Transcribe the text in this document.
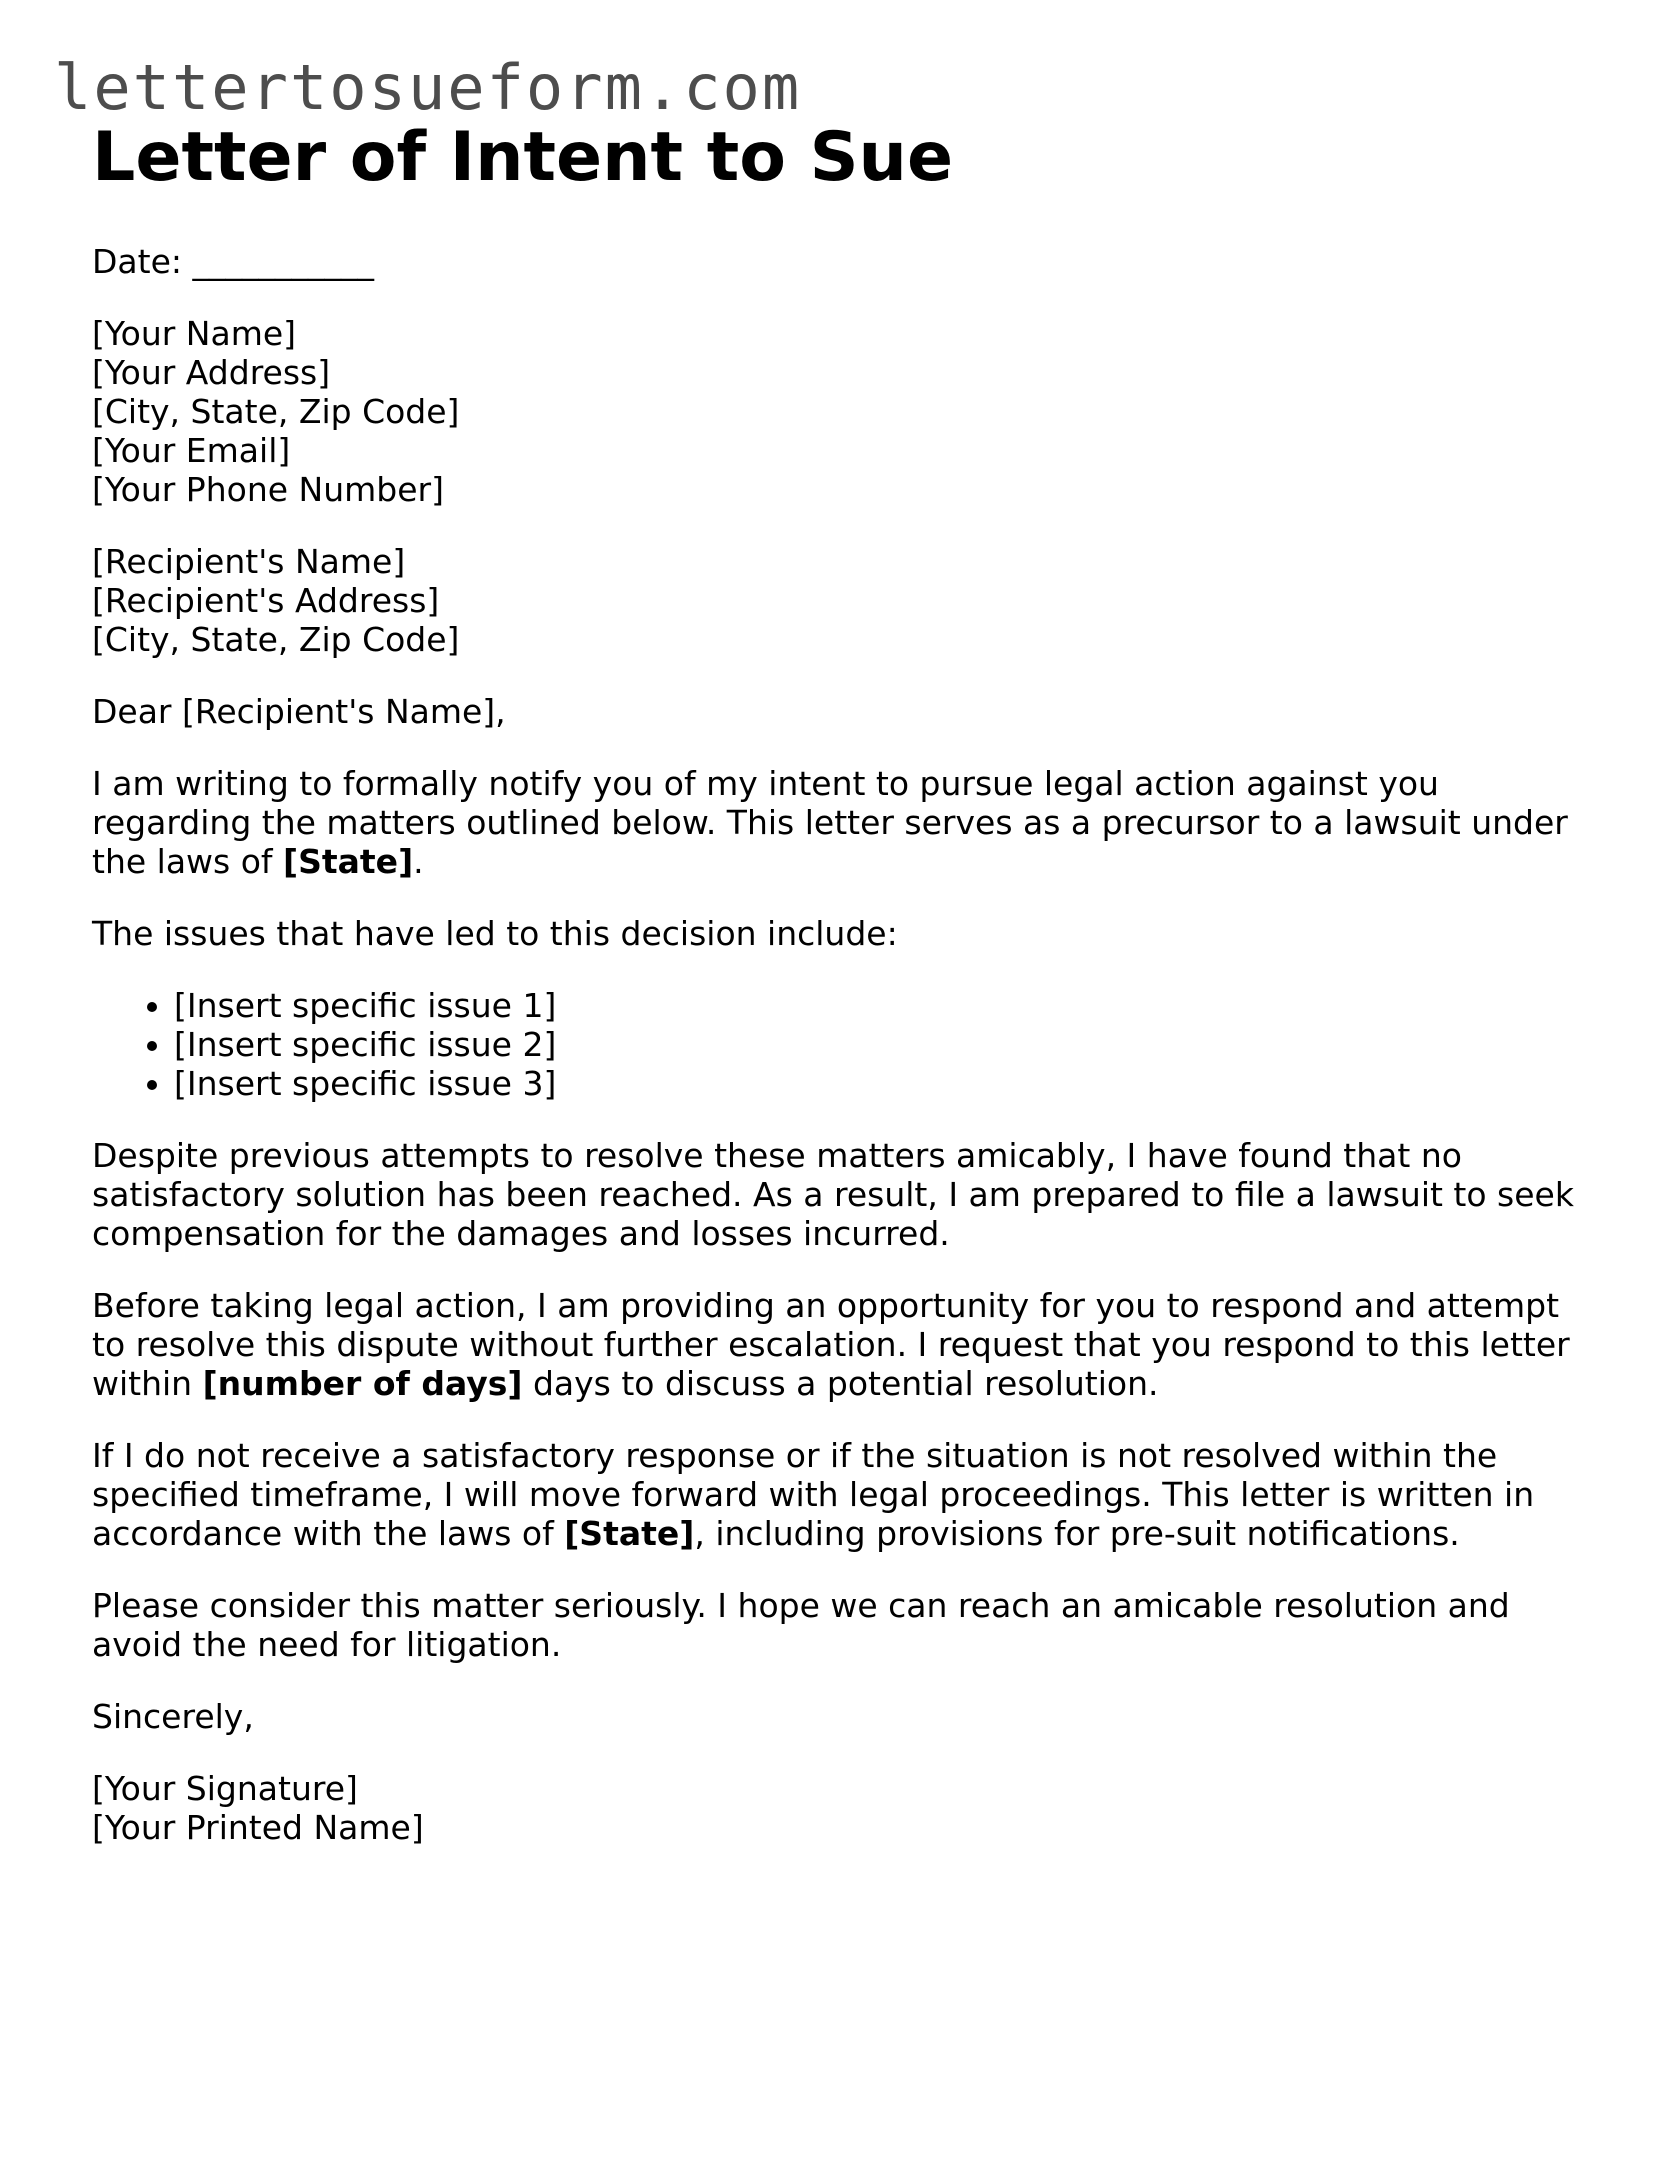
lettertosueform.com
Letter of Intent to Sue

Date: ___________

[Your Name]
[Your Address]
[City, State, Zip Code]
[Your Email]
[Your Phone Number]

[Recipient's Name]
[Recipient's Address]
[City, State, Zip Code]

Dear [Recipient's Name],

I am writing to formally notify you of my intent to pursue legal action against you regarding the matters outlined below. This letter serves as a precursor to a lawsuit under the laws of [State].

The issues that have led to this decision include:

• [Insert specific issue 1]
• [Insert specific issue 2]
• [Insert specific issue 3]

Despite previous attempts to resolve these matters amicably, I have found that no satisfactory solution has been reached. As a result, I am prepared to file a lawsuit to seek compensation for the damages and losses incurred.

Before taking legal action, I am providing an opportunity for you to respond and attempt to resolve this dispute without further escalation. I request that you respond to this letter within [number of days] days to discuss a potential resolution.

If I do not receive a satisfactory response or if the situation is not resolved within the specified timeframe, I will move forward with legal proceedings. This letter is written in accordance with the laws of [State], including provisions for pre-suit notifications.

Please consider this matter seriously. I hope we can reach an amicable resolution and avoid the need for litigation.

Sincerely,

[Your Signature]
[Your Printed Name]
